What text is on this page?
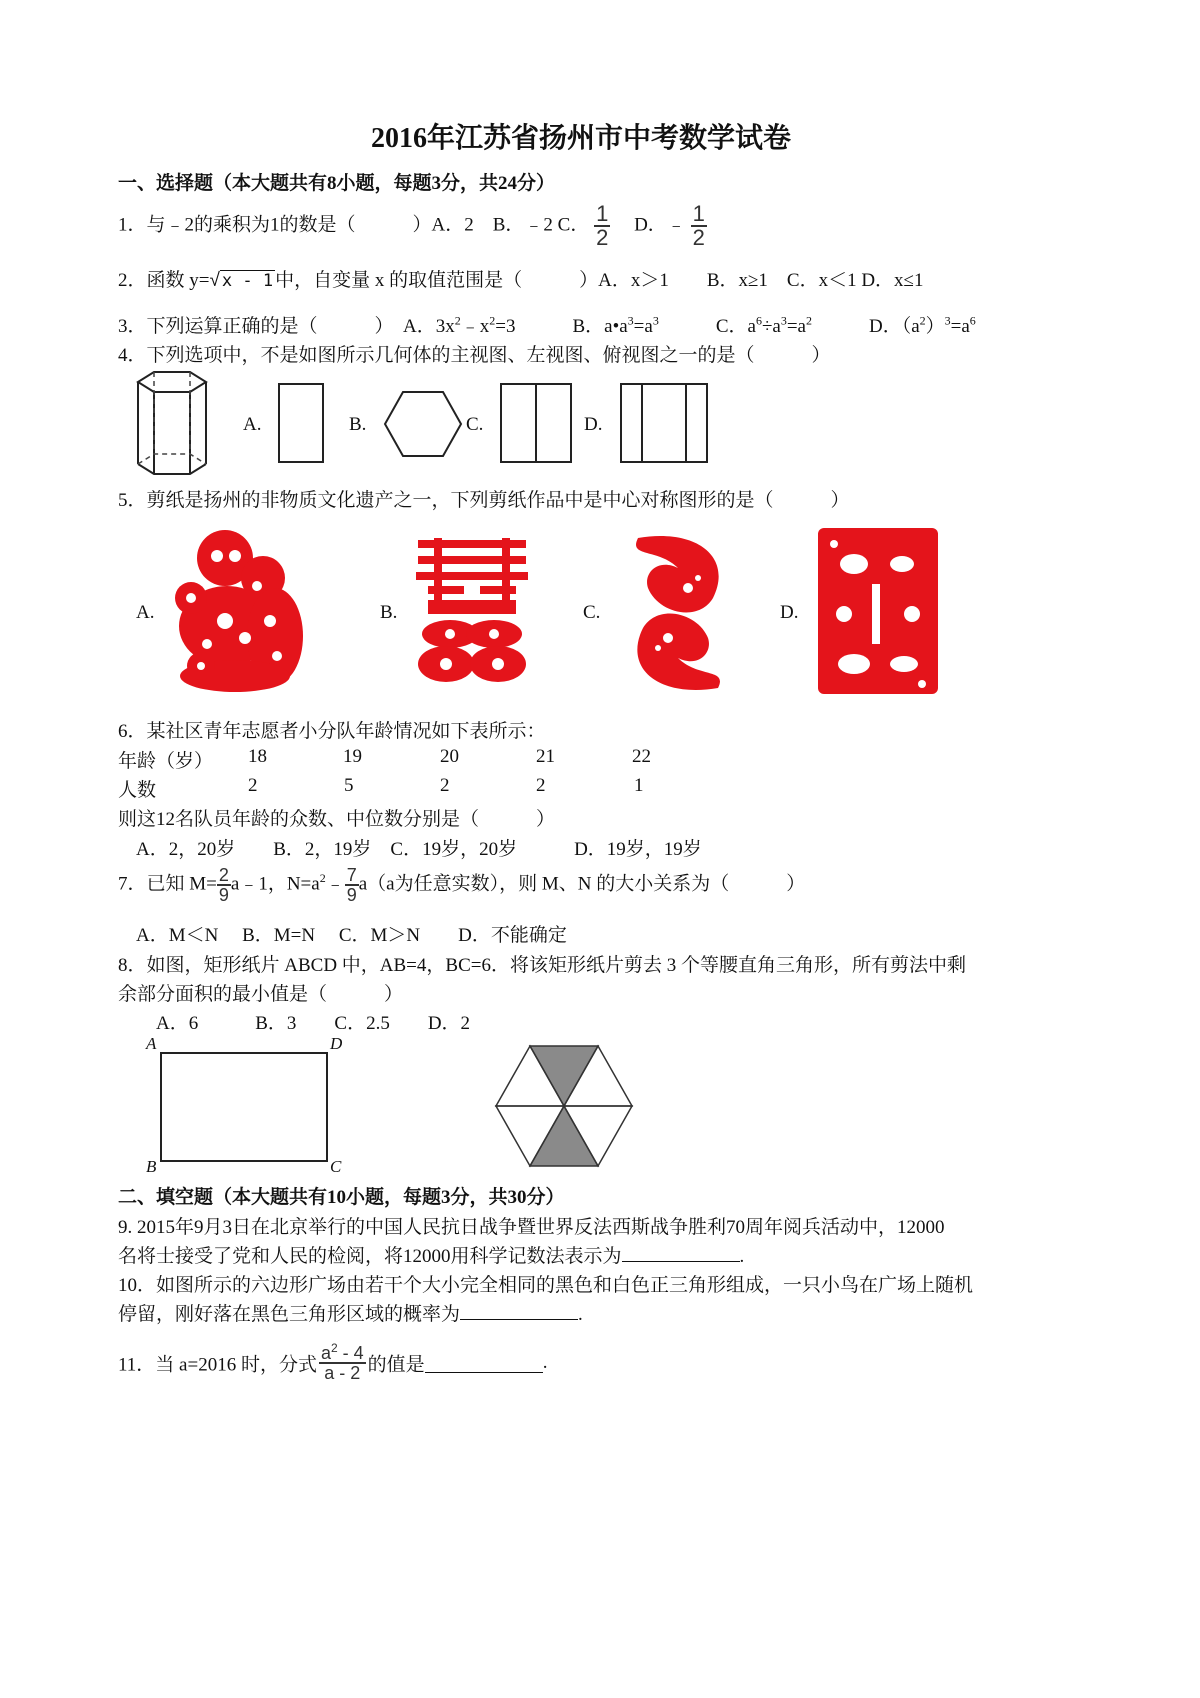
2016年江苏省扬州市中考数学试卷
一、选择题（本大题共有8小题，每题3分，共24分）
1．与﹣2的乘积为1的数是（　　　）A．2　B．﹣2 C． $\frac{1}{2}$ 　D．﹣ $\frac{1}{2}$
2．函数 y=√ x - 1 中，自变量 x 的取值范围是（　　　）A．x＞1　　B．x≥1　C．x＜1 D．x≤1
3．下列运算正确的是（　　　）　A．$3x^2﹣x^2=3$　　　B．$a•a^3=a^3$　　　C．$a^6\div a^3=a^2$　　　D．$(a^2)^3=a^6$
4．下列选项中，不是如图所示几何体的主视图、左视图、俯视图之一的是（　　　）
A.	B.	C.	D.
5．剪纸是扬州的非物质文化遗产之一，下列剪纸作品中是中心对称图形的是（　　　）
A.	B.	C.	D.
6．某社区青年志愿者小分队年龄情况如下表所示：
年龄（岁） 18	19	20	21	22
人数	2	5	2	2	1
则这12名队员年龄的众数、中位数分别是（　　　）
A．2，20岁　　B．2，19岁　C．19岁，20岁　　　D．19岁，19岁
7．已知 $M= \frac{2}{9}$ a﹣1，$N=a^2﹣ \frac{7}{9} a(a$为任意实数），则 M、N 的大小关系为（　　　）
A．M＜N　 B．M=N　 C．M＞N　　D．不能确定
8．如图，矩形纸片 ABCD 中，AB=4，BC=6．将该矩形纸片剪去 3 个等腰直角三角形，所有剪法中剩
余部分面积的最小值是（　　　）
A．6　　　B．3　　C．2.5　　D．2
A	D
B	C
二、填空题（本大题共有10小题，每题3分，共30分）
9. 2015年9月3日在北京举行的中国人民抗日战争暨世界反法西斯战争胜利70周年阅兵活动中，12000
名将士接受了党和人民的检阅，将12000用科学记数法表示为	.
10．如图所示的六边形广场由若干个大小完全相同的黑色和白色正三角形组成，一只小鸟在广场上随机
停留，刚好落在黑色三角形区域的概率为	.
11．当 a=2016 时，分式 $\frac{a^2 - 4}{a - 2}$ 的值是	.
